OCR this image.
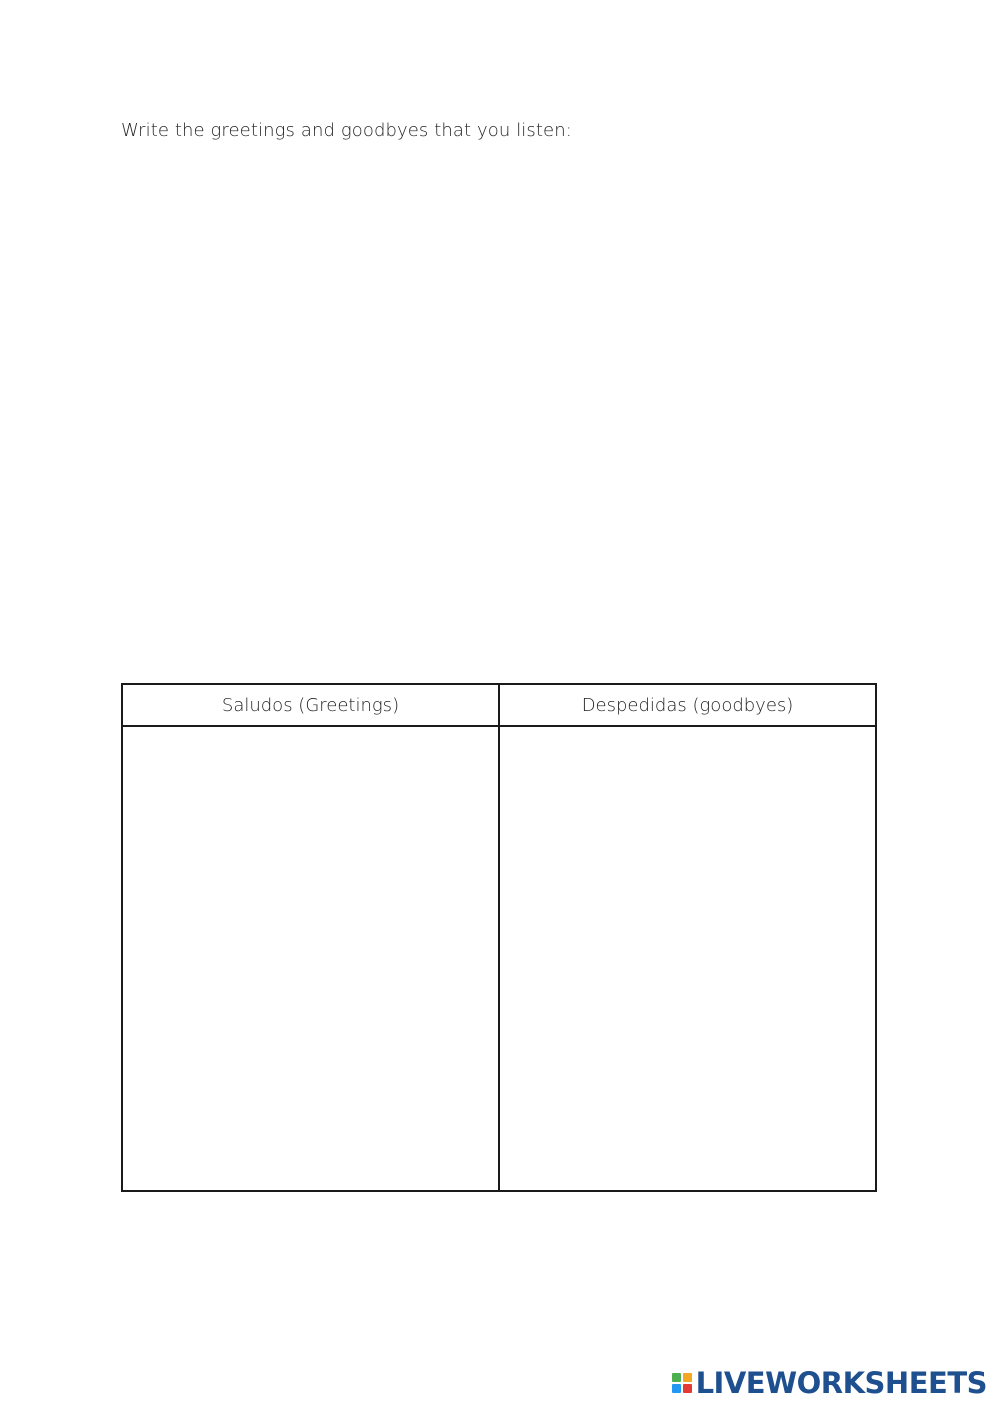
Write the greetings and goodbyes that you listen:
Saludos (Greetings)	Despedidas (goodbyes)

LIVEWORKSHEETS
